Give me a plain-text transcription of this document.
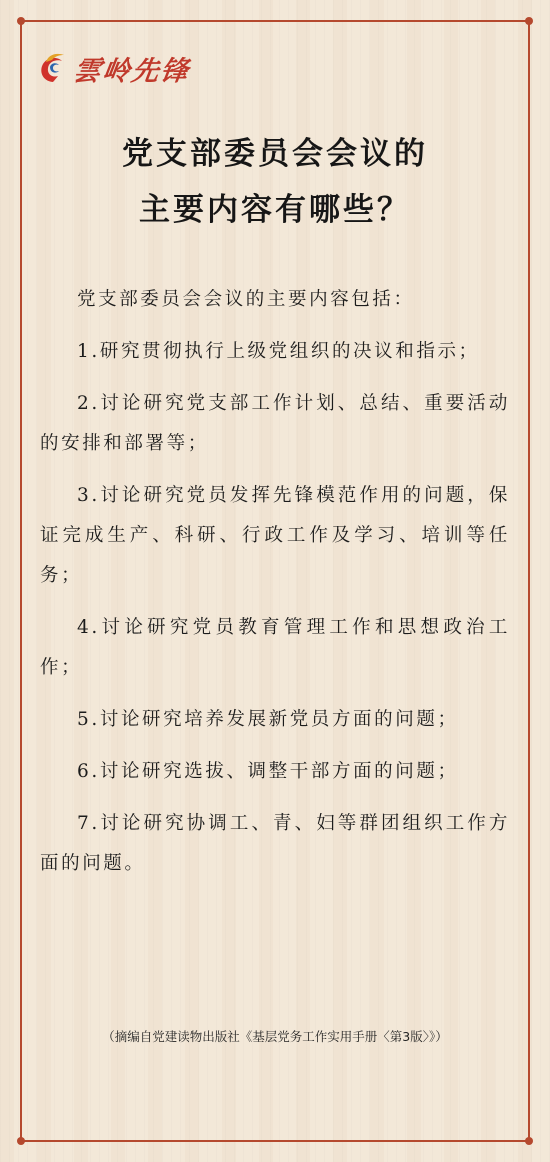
雲岭先锋
党支部委员会会议的
主要内容有哪些？

党支部委员会会议的主要内容包括：

1.研究贯彻执行上级党组织的决议和指示；

2.讨论研究党支部工作计划、总结、重要活动的安排和部署等；

3.讨论研究党员发挥先锋模范作用的问题，保证完成生产、科研、行政工作及学习、培训等任务；

4.讨论研究党员教育管理工作和思想政治工作；

5.讨论研究培养发展新党员方面的问题；

6.讨论研究选拔、调整干部方面的问题；

7.讨论研究协调工、青、妇等群团组织工作方面的问题。

（摘编自党建读物出版社《基层党务工作实用手册〈第3版〉》）
